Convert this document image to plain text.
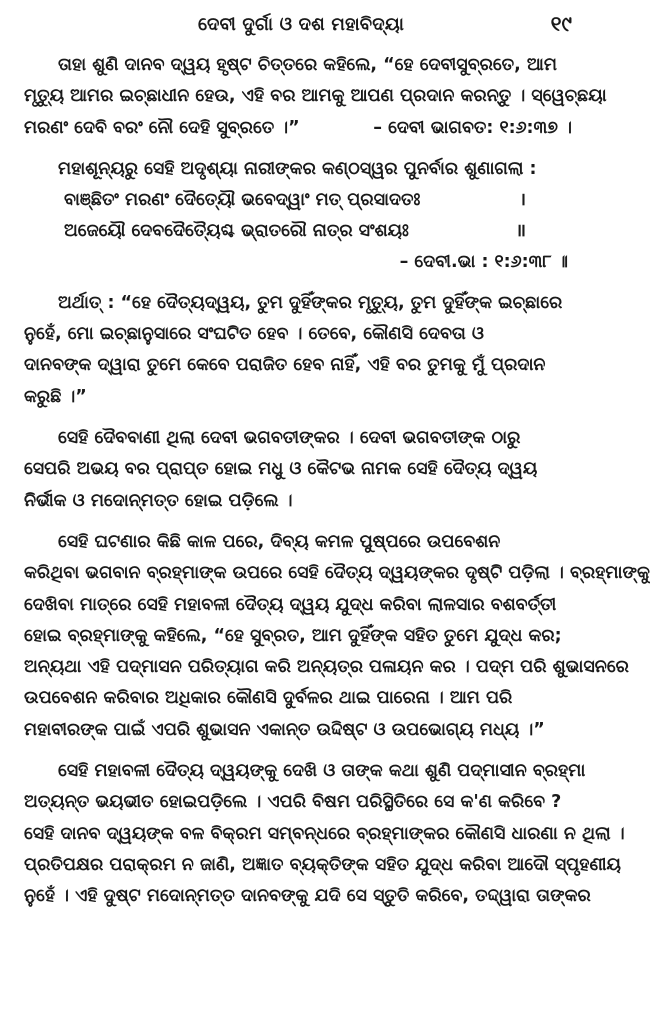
ଦେବୀ ଦୁର୍ଗା ଓ ଦଶ ମହାବିଦ୍ୟା	୧୯

ତାହା ଶୁଣି ଦାନବ ଦ୍ୱୟ ହୃଷ୍ଟ ଚିତ୍ତରେ କହିଲେ, “ହେ ଦେବୀସୁବ୍ରତେ, ଆମ
ମୃତ୍ୟୁ ଆମର ଇଚ୍ଛାଧୀନ ହେଉ, ଏହି ବର ଆମକୁ ଆପଣ ପ୍ରଦାନ କରନ୍ତୁ । ସ୍ୱେଚ୍ଛୟା
ମରଣଂ ଦେବି ବରଂ ନୌ ଦେହି ସୁବ୍ରତେ ।”	– ଦେବୀ ଭାଗବତ: ୧:୬:୩୭ ।

ମହାଶୂନ୍ୟରୁ ସେହି ଅଦୃଶ୍ୟା ନାରୀଙ୍କର କଣ୍ଠସ୍ୱର ପୁନର୍ବାର ଶୁଣାଗଲା :
ବାଞ୍ଛିତଂ ମରଣଂ ଦୈତ୍ୟୌ ଭବେଦ୍ୱାଂ ମତ୍ ପ୍ରସାଦତଃ	।
ଅଜେୟୌ ଦେବଦୈତ୍ୟୈଶ୍ଚ ଭ୍ରାତରୌ ନାତ୍ର ସଂଶୟଃ	॥
– ଦେବୀ.ଭା : ୧:୬:୩୮ ॥

ଅର୍ଥାତ୍ : “ହେ ଦୈତ୍ୟଦ୍ୱୟ, ତୁମ ଦୁହିଁଙ୍କର ମୃତ୍ୟୁ, ତୁମ ଦୁହିଁଙ୍କ ଇଚ୍ଛାରେ
ନୁହେଁ, ମୋ ଇଚ୍ଛାନୁସାରେ ସଂଘଟିତ ହେବ । ତେବେ, କୌଣସି ଦେବତା ଓ
ଦାନବଙ୍କ ଦ୍ୱାରା ତୁମେ କେବେ ପରାଜିତ ହେବ ନାହିଁ, ଏହି ବର ତୁମକୁ ମୁଁ ପ୍ରଦାନ
କରୁଛି ।”

ସେହି ଦୈବବାଣୀ ଥିଲା ଦେବୀ ଭଗବତୀଙ୍କର । ଦେବୀ ଭଗବତୀଙ୍କ ଠାରୁ
ସେପରି ଅଭୟ ବର ପ୍ରାପ୍ତ ହୋଇ ମଧୁ ଓ କୈଟଭ ନାମକ ସେହି ଦୈତ୍ୟ ଦ୍ୱୟ
ନିର୍ଭୀକ ଓ ମଦୋନ୍ମତ୍ତ ହୋଇ ପଡ଼ିଲେ ।

ସେହି ଘଟଣାର କିଛି କାଳ ପରେ, ଦିବ୍ୟ କମଳ ପୁଷ୍ପରେ ଉପବେଶନ
କରିଥିବା ଭଗବାନ ବ୍ରହ୍ମାଙ୍କ ଉପରେ ସେହି ଦୈତ୍ୟ ଦ୍ୱୟଙ୍କର ଦୃଷ୍ଟି ପଡ଼ିଲା । ବ୍ରହ୍ମାଙ୍କୁ
ଦେଖିବା ମାତ୍ରେ ସେହି ମହାବଳୀ ଦୈତ୍ୟ ଦ୍ୱୟ ଯୁଦ୍ଧ କରିବା ଲାଳସାର ବଶବର୍ତ୍ତୀ
ହୋଇ ବ୍ରହ୍ମାଙ୍କୁ କହିଲେ, “ହେ ସୁବ୍ରତ, ଆମ ଦୁହିଁଙ୍କ ସହିତ ତୁମେ ଯୁଦ୍ଧ କର;
ଅନ୍ୟଥା ଏହି ପଦ୍ମାସନ ପରିତ୍ୟାଗ କରି ଅନ୍ୟତ୍ର ପଳାୟନ କର । ପଦ୍ମ ପରି ଶୁଭାସନରେ
ଉପବେଶନ କରିବାର ଅଧିକାର କୌଣସି ଦୁର୍ବଳର ଥାଇ ପାରେନା । ଆମ ପରି
ମହାବୀରଙ୍କ ପାଇଁ ଏପରି ଶୁଭାସନ ଏକାନ୍ତ ଉଦ୍ଦିଷ୍ଟ ଓ ଉପଭୋଗ୍ୟ ମଧ୍ୟ ।”

ସେହି ମହାବଳୀ ଦୈତ୍ୟ ଦ୍ୱୟଙ୍କୁ ଦେଖି ଓ ତାଙ୍କ କଥା ଶୁଣି ପଦ୍ମାସୀନ ବ୍ରହ୍ମା
ଅତ୍ୟନ୍ତ ଭୟଭୀତ ହୋଇପଡ଼ିଲେ । ଏପରି ବିଷମ ପରିସ୍ଥିତିରେ ସେ କ'ଣ କରିବେ ?
ସେହି ଦାନବ ଦ୍ୱୟଙ୍କ ବଳ ବିକ୍ରମ ସମ୍ବନ୍ଧରେ ବ୍ରହ୍ମାଙ୍କର କୌଣସି ଧାରଣା ନ ଥିଲା ।
ପ୍ରତିପକ୍ଷର ପରାକ୍ରମ ନ ଜାଣି, ଅଜ୍ଞାତ ବ୍ୟକ୍ତିଙ୍କ ସହିତ ଯୁଦ୍ଧ କରିବା ଆଦୌ ସ୍ପୃହଣୀୟ
ନୁହେଁ । ଏହି ଦୁଷ୍ଟ ମଦୋନ୍ମତ୍ତ ଦାନବଙ୍କୁ ଯଦି ସେ ସ୍ତୁତି କରିବେ, ତଦ୍ଦ୍ୱାରା ତାଙ୍କର
